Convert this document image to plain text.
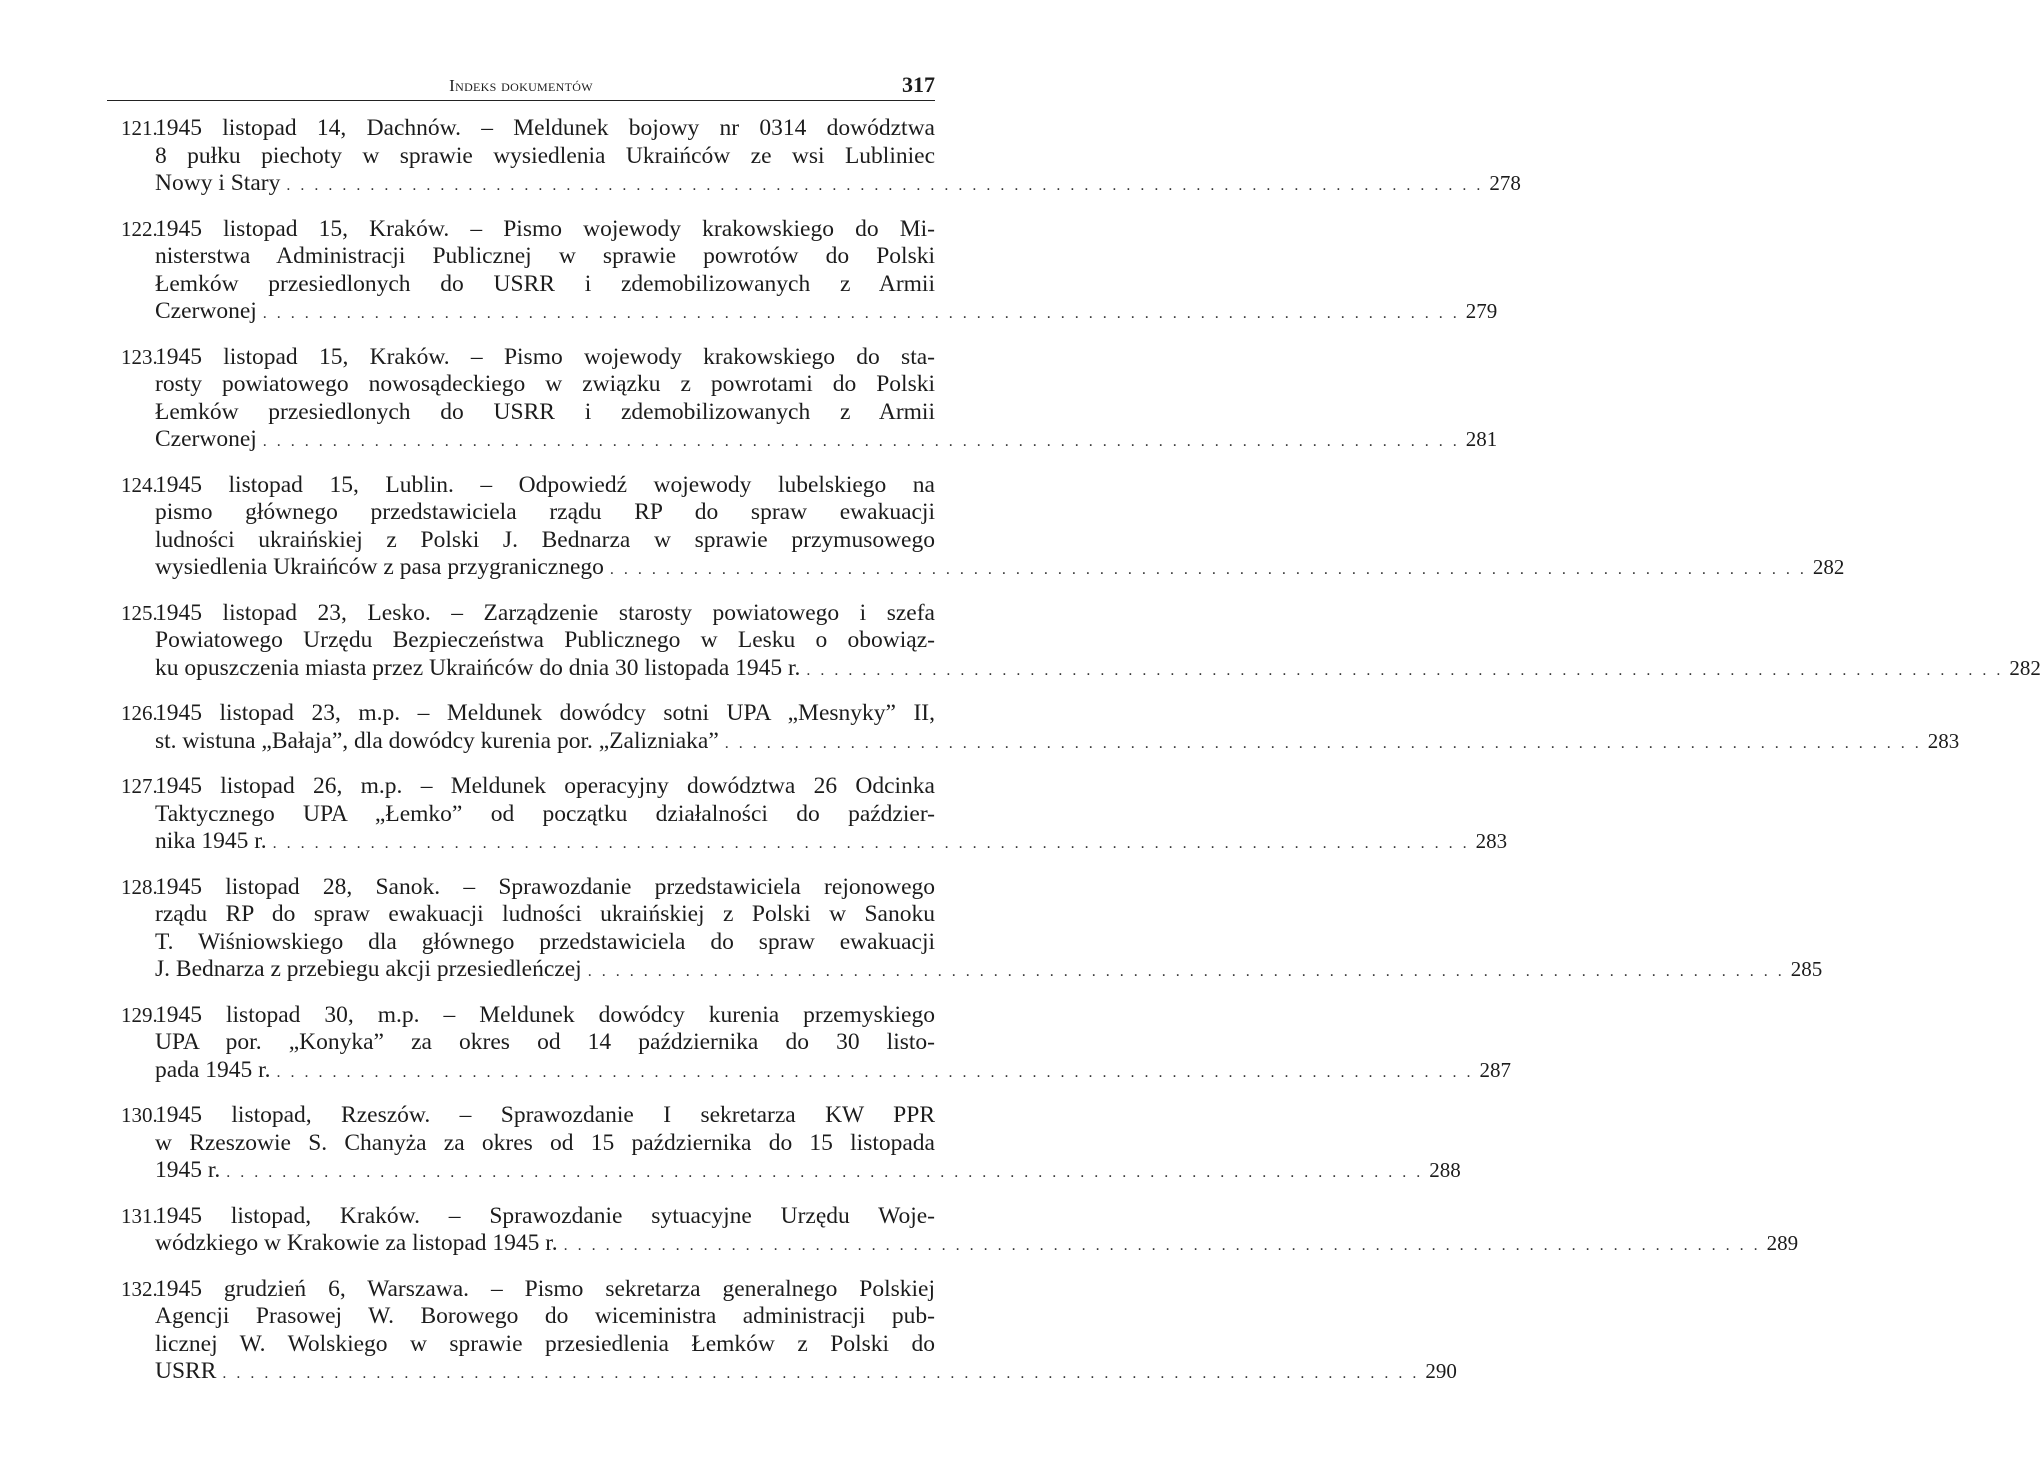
Indeks dokumentów	317
121.
1945 listopad 14, Dachnów. – Meldunek bojowy nr 0314 dowództwa
8 pułku piechoty w sprawie wysiedlenia Ukraińców ze wsi Lubliniec
Nowy i Stary . . . . . . . . . . . . . . . . . . . . . . . . . . . . . . . . . . . . . . . . . . . . . . . . . . . . . . . . . . . . . . . . . . . . . . . . . . . . . . . . . . . . . . 278
122.
1945 listopad 15, Kraków. – Pismo wojewody krakowskiego do Mi-
nisterstwa Administracji Publicznej w sprawie powrotów do Polski
Łemków przesiedlonych do USRR i zdemobilizowanych z Armii
Czerwonej . . . . . . . . . . . . . . . . . . . . . . . . . . . . . . . . . . . . . . . . . . . . . . . . . . . . . . . . . . . . . . . . . . . . . . . . . . . . . . . . . . . . . . 279
123.
1945 listopad 15, Kraków. – Pismo wojewody krakowskiego do sta-
rosty powiatowego nowosądeckiego w związku z powrotami do Polski
Łemków przesiedlonych do USRR i zdemobilizowanych z Armii
Czerwonej . . . . . . . . . . . . . . . . . . . . . . . . . . . . . . . . . . . . . . . . . . . . . . . . . . . . . . . . . . . . . . . . . . . . . . . . . . . . . . . . . . . . . . 281
124.
1945 listopad 15, Lublin. – Odpowiedź wojewody lubelskiego na
pismo głównego przedstawiciela rządu RP do spraw ewakuacji
ludności ukraińskiej z Polski J. Bednarza w sprawie przymusowego
wysiedlenia Ukraińców z pasa przygranicznego . . . . . . . . . . . . . . . . . . . . . . . . . . . . . . . . . . . . . . . . . . . . . . . . . . . . . . . . . . . . . . . . . . . . . . . . . . . . . . . . . . . . . . 282
125.
1945 listopad 23, Lesko. – Zarządzenie starosty powiatowego i szefa
Powiatowego Urzędu Bezpieczeństwa Publicznego w Lesku o obowiąz-
ku opuszczenia miasta przez Ukraińców do dnia 30 listopada 1945 r. . . . . . . . . . . . . . . . . . . . . . . . . . . . . . . . . . . . . . . . . . . . . . . . . . . . . . . . . . . . . . . . . . . . . . . . . . . . . . . . . . . . . . . 282
126.
1945 listopad 23, m.p. – Meldunek dowódcy sotni UPA „Mesnyky” II,
st. wistuna „Bałaja”, dla dowódcy kurenia por. „Zalizniaka” . . . . . . . . . . . . . . . . . . . . . . . . . . . . . . . . . . . . . . . . . . . . . . . . . . . . . . . . . . . . . . . . . . . . . . . . . . . . . . . . . . . . . . 283
127.
1945 listopad 26, m.p. – Meldunek operacyjny dowództwa 26 Odcinka
Taktycznego UPA „Łemko” od początku działalności do paździer-
nika 1945 r. . . . . . . . . . . . . . . . . . . . . . . . . . . . . . . . . . . . . . . . . . . . . . . . . . . . . . . . . . . . . . . . . . . . . . . . . . . . . . . . . . . . . . . 283
128.
1945 listopad 28, Sanok. – Sprawozdanie przedstawiciela rejonowego
rządu RP do spraw ewakuacji ludności ukraińskiej z Polski w Sanoku
T. Wiśniowskiego dla głównego przedstawiciela do spraw ewakuacji
J. Bednarza z przebiegu akcji przesiedleńczej . . . . . . . . . . . . . . . . . . . . . . . . . . . . . . . . . . . . . . . . . . . . . . . . . . . . . . . . . . . . . . . . . . . . . . . . . . . . . . . . . . . . . . 285
129.
1945 listopad 30, m.p. – Meldunek dowódcy kurenia przemyskiego
UPA por. „Konyka” za okres od 14 października do 30 listo-
pada 1945 r. . . . . . . . . . . . . . . . . . . . . . . . . . . . . . . . . . . . . . . . . . . . . . . . . . . . . . . . . . . . . . . . . . . . . . . . . . . . . . . . . . . . . . . 287
130.
1945 listopad, Rzeszów. – Sprawozdanie I sekretarza KW PPR
w Rzeszowie S. Chanyża za okres od 15 października do 15 listopada
1945 r. . . . . . . . . . . . . . . . . . . . . . . . . . . . . . . . . . . . . . . . . . . . . . . . . . . . . . . . . . . . . . . . . . . . . . . . . . . . . . . . . . . . . . . 288
131.
1945 listopad, Kraków. – Sprawozdanie sytuacyjne Urzędu Woje-
wódzkiego w Krakowie za listopad 1945 r. . . . . . . . . . . . . . . . . . . . . . . . . . . . . . . . . . . . . . . . . . . . . . . . . . . . . . . . . . . . . . . . . . . . . . . . . . . . . . . . . . . . . . . 289
132.
1945 grudzień 6, Warszawa. – Pismo sekretarza generalnego Polskiej
Agencji Prasowej W. Borowego do wiceministra administracji pub-
licznej W. Wolskiego w sprawie przesiedlenia Łemków z Polski do
USRR . . . . . . . . . . . . . . . . . . . . . . . . . . . . . . . . . . . . . . . . . . . . . . . . . . . . . . . . . . . . . . . . . . . . . . . . . . . . . . . . . . . . . . 290
